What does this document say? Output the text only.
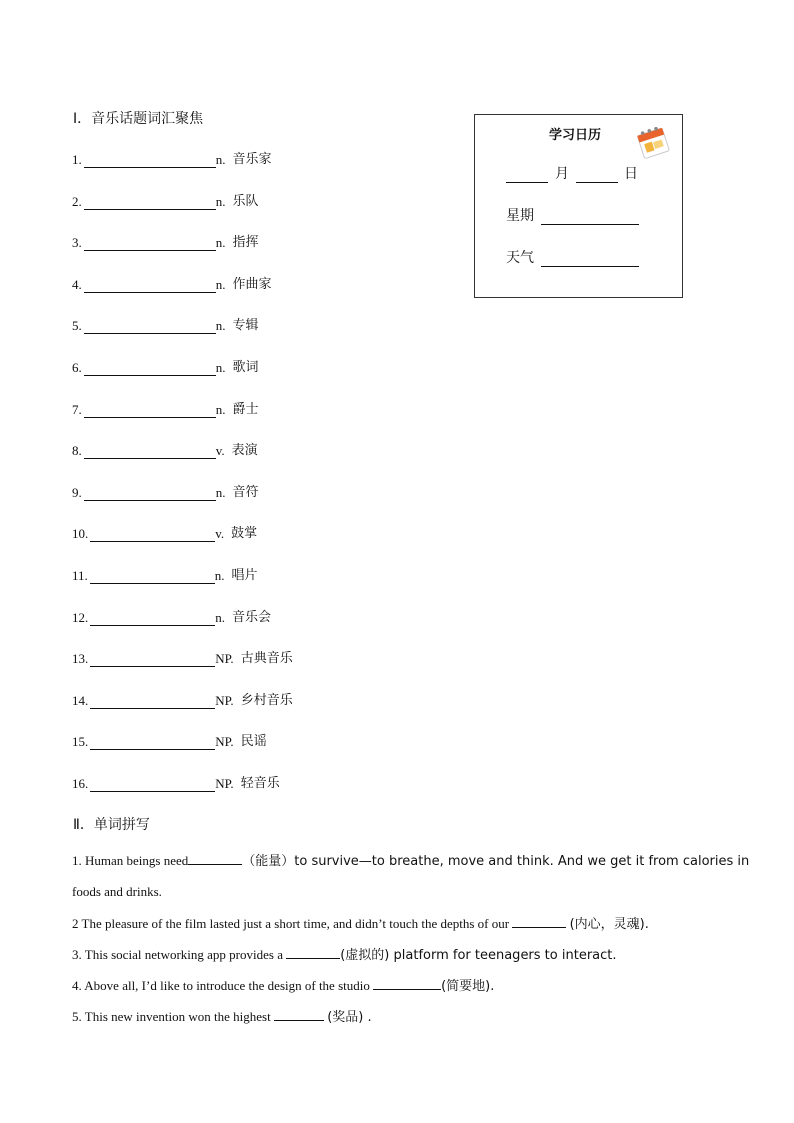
Ⅰ．音乐话题词汇聚焦
1.	n. 音乐家
2.	n. 乐队
3.	n. 指挥
4.	n. 作曲家
5.	n. 专辑
6.	n. 歌词
7.	n. 爵士
8.	v. 表演
9.	n. 音符
10.	v. 鼓掌
11.	n. 唱片
12.	n. 音乐会
13.	NP. 古典音乐
14.	NP. 乡村音乐
15.	NP. 民谣
16.	NP. 轻音乐
学习日历
月	日
星期
天气
Ⅱ．单词拼写
1. Human beings need	（能量）to survive—to breathe, move and think. And we get it from calories in
foods and drinks.
2 The pleasure of the film lasted just a short time, and didn’t touch the depths of our	(内心，灵魂).
3. This social networking app provides a	(虚拟的) platform for teenagers to interact.
4. Above all, I’d like to introduce the design of the studio	(简要地).
5. This new invention won the highest	(奖品) .
